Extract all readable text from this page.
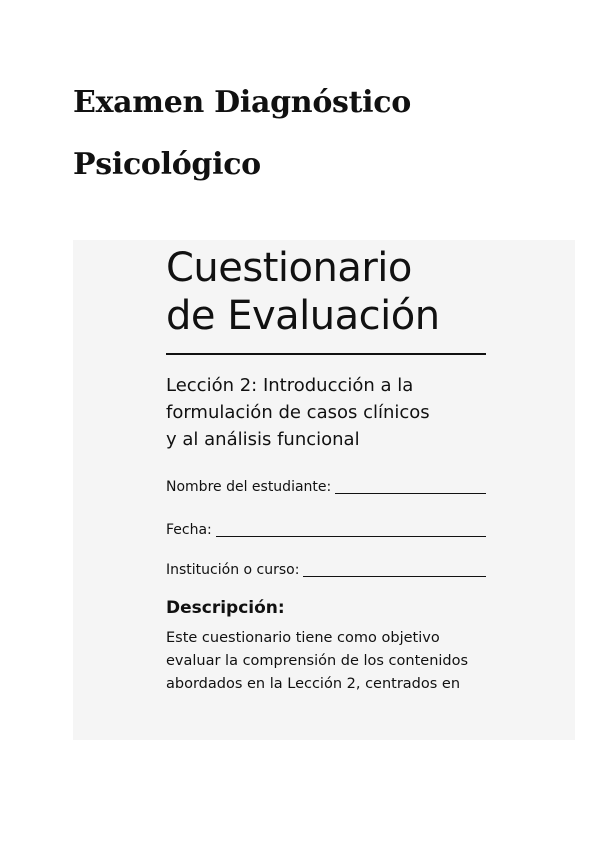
Examen Diagnóstico
Psicológico
Cuestionario
de Evaluación
Lección 2: Introducción a la
formulación de casos clínicos
y al análisis funcional
Nombre del estudiante:
Fecha:
Institución o curso:
Descripción:
Este cuestionario tiene como objetivo
evaluar la comprensión de los contenidos
abordados en la Lección 2, centrados en
